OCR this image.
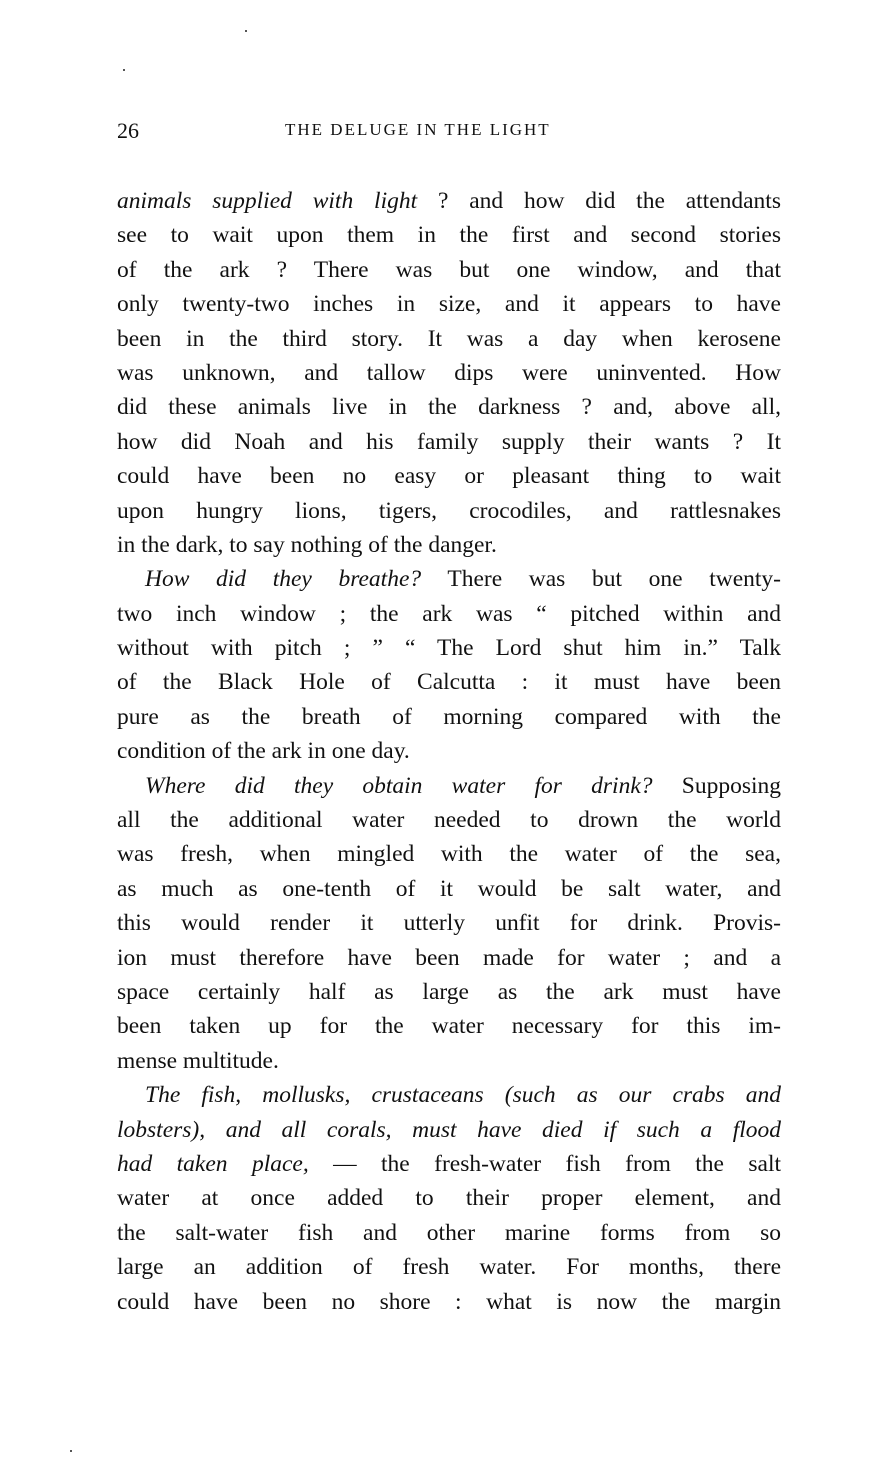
26	THE DELUGE IN THE LIGHT
animals supplied with light ? and how did the attendants
see to wait upon them in the first and second stories
of the ark ? There was but one window, and that
only twenty-two inches in size, and it appears to have
been in the third story. It was a day when kerosene
was unknown, and tallow dips were uninvented. How
did these animals live in the darkness ? and, above all,
how did Noah and his family supply their wants ? It
could have been no easy or pleasant thing to wait
upon hungry lions, tigers, crocodiles, and rattlesnakes
in the dark, to say nothing of the danger.
How did they breathe? There was but one twenty-
two inch window ; the ark was “ pitched within and
without with pitch ; ” “ The Lord shut him in.” Talk
of the Black Hole of Calcutta : it must have been
pure as the breath of morning compared with the
condition of the ark in one day.
Where did they obtain water for drink? Supposing
all the additional water needed to drown the world
was fresh, when mingled with the water of the sea,
as much as one-tenth of it would be salt water, and
this would render it utterly unfit for drink. Provis-
ion must therefore have been made for water ; and a
space certainly half as large as the ark must have
been taken up for the water necessary for this im-
mense multitude.
The fish, mollusks, crustaceans (such as our crabs and
lobsters), and all corals, must have died if such a flood
had taken place, — the fresh-water fish from the salt
water at once added to their proper element, and
the salt-water fish and other marine forms from so
large an addition of fresh water. For months, there
could have been no shore : what is now the margin
